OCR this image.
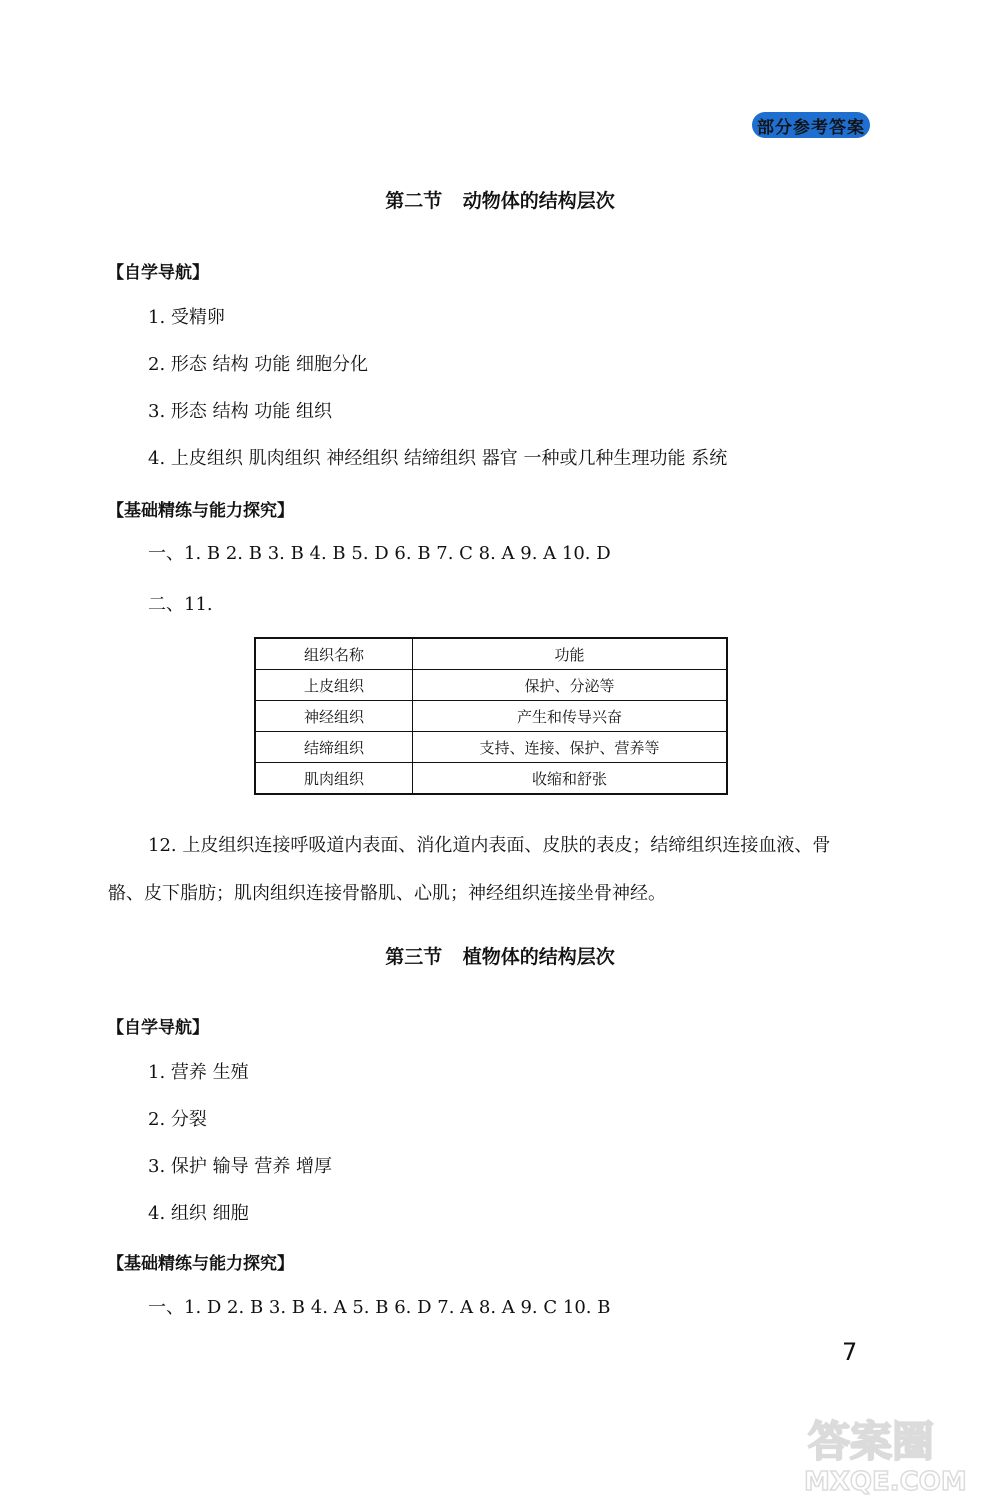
部分参考答案
第二节 动物体的结构层次
【自学导航】
1. 受精卵
2. 形态 结构 功能 细胞分化
3. 形态 结构 功能 组织
4. 上皮组织 肌肉组织 神经组织 结缔组织 器官 一种或几种生理功能 系统
【基础精练与能力探究】
一、1. B 2. B 3. B 4. B 5. D 6. B 7. C 8. A 9. A 10. D
二、11.
组织名称	功能
上皮组织	保护、分泌等
神经组织	产生和传导兴奋
结缔组织	支持、连接、保护、营养等
肌肉组织	收缩和舒张
12. 上皮组织连接呼吸道内表面、消化道内表面、皮肤的表皮；结缔组织连接血液、骨
骼、皮下脂肪；肌肉组织连接骨骼肌、心肌；神经组织连接坐骨神经。
第三节 植物体的结构层次
【自学导航】
1. 营养 生殖
2. 分裂
3. 保护 输导 营养 增厚
4. 组织 细胞
【基础精练与能力探究】
一、1. D 2. B 3. B 4. A 5. B 6. D 7. A 8. A 9. C 10. B
7
答案圈
MXQE.COM
